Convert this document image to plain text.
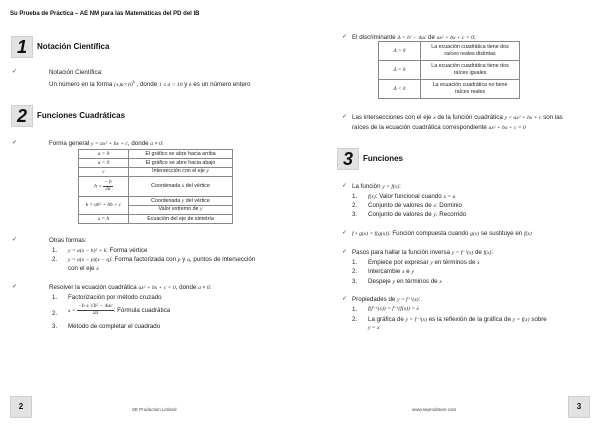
Su Prueba de Práctica – AE NM para las Matemáticas del PD del IB
1	Notación Científica
✓	Notación Científica:
Un número en la forma $(\pm)a\times 10^k$ , donde 1 ≤ a < 10 y k es un número entero
2	Funciones Cuadráticas
✓	Forma general y = ax² + bx + c, donde a ≠ 0:
a > 0	El gráfico se abre hacia arriba
a < 0	El gráfico se abre hacia abajo
c	Intersección con el eje y
$h = \frac{- b}{2a}$	Coordenada x del vértice
k = ah² + bh + c	Coordenada y del vértice
Valor extremo de y

x = h	Ecuación del eje de simetría
✓	Otras formas:
1. y = a(x − h)² + k: Forma vértice
2. y = a(x − p)(x − q): Forma factorizada con p y q, puntos de intersección
con el eje x
✓	Resolver la ecuación cuadrática ax² + bx + c = 0, donde a ≠ 0:
1. Factorización por método cruzado
2. $x = \frac{\text{−b ± √b² − 4ac}}{2a}$ : Fórmula cuadrática
3. Método de completar el cuadrado
2	SE Production Limited
✓ El discriminante Δ = b² − 4ac de ax² + bx + c = 0:
Δ > 0	La ecuación cuadrática tiene dos
raíces reales distintas

Δ = 0	La ecuación cuadrática tiene dos
raíces iguales

Δ < 0	La ecuación cuadrática no tiene
raíces reales
✓ Las intersecciones con el eje x de la función cuadrática y = ax² + bx + c son las
raíces de la ecuación cuadrática correspondiente ax² + bx + c = 0
3	Funciones
✓ La función y = f(x):
1. f(x): Valor funcional cuando x = a
2. Conjunto de valores de x: Dominio
3. Conjunto de valores de y: Recorrido
✓ f ∘ g(x) = f(g(x)): Función compuesta cuando g(x) se sustituye en f(x)
✓ Pasos para hallar la función inversa y = f⁻¹(x) de f(x):
1. Empiece por expresar y en términos de x
2. Intercambie x e y
3. Despeje y en términos de x
✓ Propiedades de y = f⁻¹(x):
1. f(f⁻¹(x)) = f⁻¹(f(x)) = x
2. La gráfica de y = f⁻¹(x) es la reflexión de la gráfica de y = f(x) sobre
y = x
www.seprodstore.com	3
